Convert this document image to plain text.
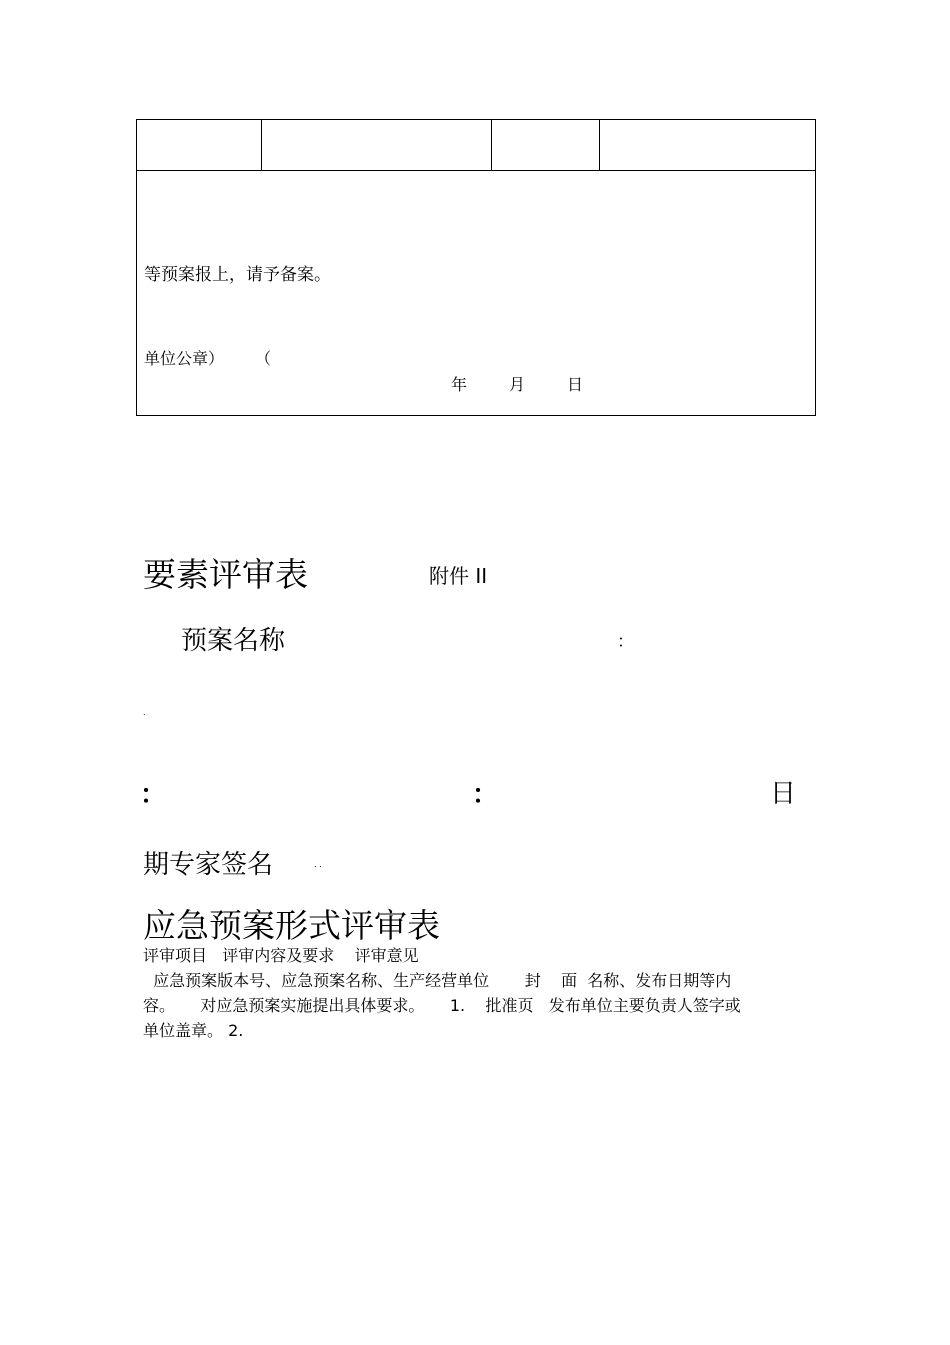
等预案报上，请予备案。
单位公章） （
年	月	日
要素评审表	附件 II
预案名称	：
.
：	：	日
期专家签名	. .
应急预案形式评审表
评审项目   评审内容及要求    评审意见
应急预案版本号、应急预案名称、生产经营单位       封    面  名称、发布日期等内
容。     对应急预案实施提出具体要求。     1.    批准页   发布单位主要负责人签字或
单位盖章。 2.
